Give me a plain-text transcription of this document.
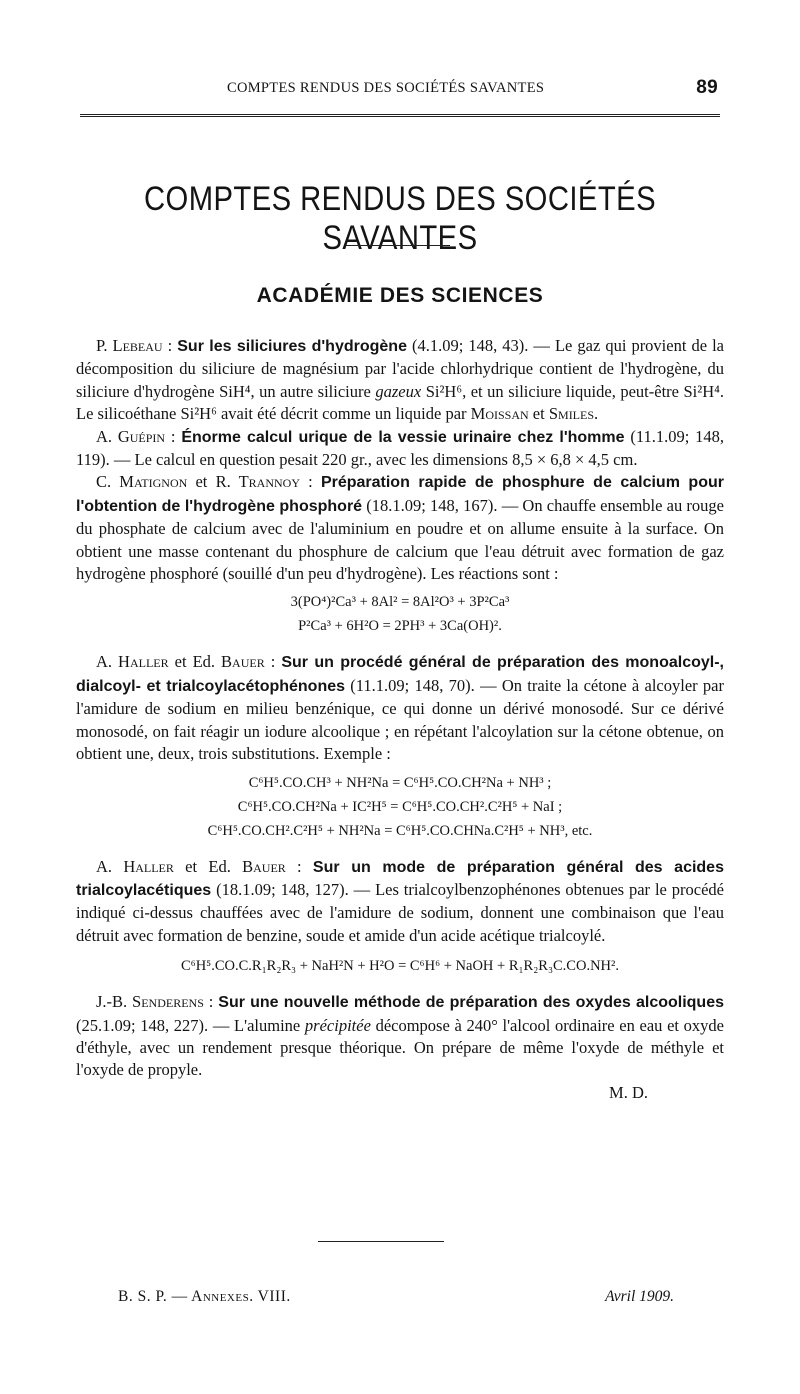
COMPTES RENDUS DES SOCIÉTÉS SAVANTES	89
COMPTES RENDUS DES SOCIÉTÉS SAVANTES
ACADÉMIE DES SCIENCES

P. Lebeau : Sur les siliciures d'hydrogène (4.1.09; 148, 43). — Le gaz qui provient de la décomposition du siliciure de magnésium par l'acide chlorhydrique contient de l'hydrogène, du siliciure d'hydrogène SiH⁴, un autre siliciure gazeux Si²H⁶, et un siliciure liquide, peut-être Si²H⁴. Le silicoéthane Si²H⁶ avait été décrit comme un liquide par Moissan et Smiles.

A. Guépin : Énorme calcul urique de la vessie urinaire chez l'homme (11.1.09; 148, 119). — Le calcul en question pesait 220 gr., avec les dimensions 8,5 × 6,8 × 4,5 cm.

C. Matignon et R. Trannoy : Préparation rapide de phosphure de calcium pour l'obtention de l'hydrogène phosphoré (18.1.09; 148, 167). — On chauffe ensemble au rouge du phosphate de calcium avec de l'aluminium en poudre et on allume ensuite à la surface. On obtient une masse contenant du phosphure de calcium que l'eau détruit avec formation de gaz hydrogène phosphoré (souillé d'un peu d'hydrogène). Les réactions sont :

3(PO⁴)²Ca³ + 8Al² = 8Al²O³ + 3P²Ca³
P²Ca³ + 6H²O = 2PH³ + 3Ca(OH)².

A. Haller et Ed. Bauer : Sur un procédé général de préparation des monoalcoyl-, dialcoyl- et trialcoylacétophénones (11.1.09; 148, 70). — On traite la cétone à alcoyler par l'amidure de sodium en milieu benzénique, ce qui donne un dérivé monosodé. Sur ce dérivé monosodé, on fait réagir un iodure alcoolique ; en répétant l'alcoylation sur la cétone obtenue, on obtient une, deux, trois substitutions. Exemple :

C⁶H⁵.CO.CH³ + NH²Na = C⁶H⁵.CO.CH²Na + NH³ ;
C⁶H⁵.CO.CH²Na + IC²H⁵ = C⁶H⁵.CO.CH².C²H⁵ + NaI ;
C⁶H⁵.CO.CH².C²H⁵ + NH²Na = C⁶H⁵.CO.CHNa.C²H⁵ + NH³, etc.

A. Haller et Ed. Bauer : Sur un mode de préparation général des acides trialcoylacétiques (18.1.09; 148, 127). — Les trialcoylbenzophénones obtenues par le procédé indiqué ci-dessus chauffées avec de l'amidure de sodium, donnent une combinaison que l'eau détruit avec formation de benzine, soude et amide d'un acide acétique trialcoylé.

C⁶H⁵.CO.C.R₁R₂R₃ + NaH²N + H²O = C⁶H⁶ + NaOH + R₁R₂R₃C.CO.NH².

J.-B. Senderens : Sur une nouvelle méthode de préparation des oxydes alcooliques (25.1.09; 148, 227). — L'alumine précipitée décompose à 240° l'alcool ordinaire en eau et oxyde d'éthyle, avec un rendement presque théorique. On prépare de même l'oxyde de méthyle et l'oxyde de propyle.

M. D.
B. S. P. — Annexes. VIII.	Avril 1909.
